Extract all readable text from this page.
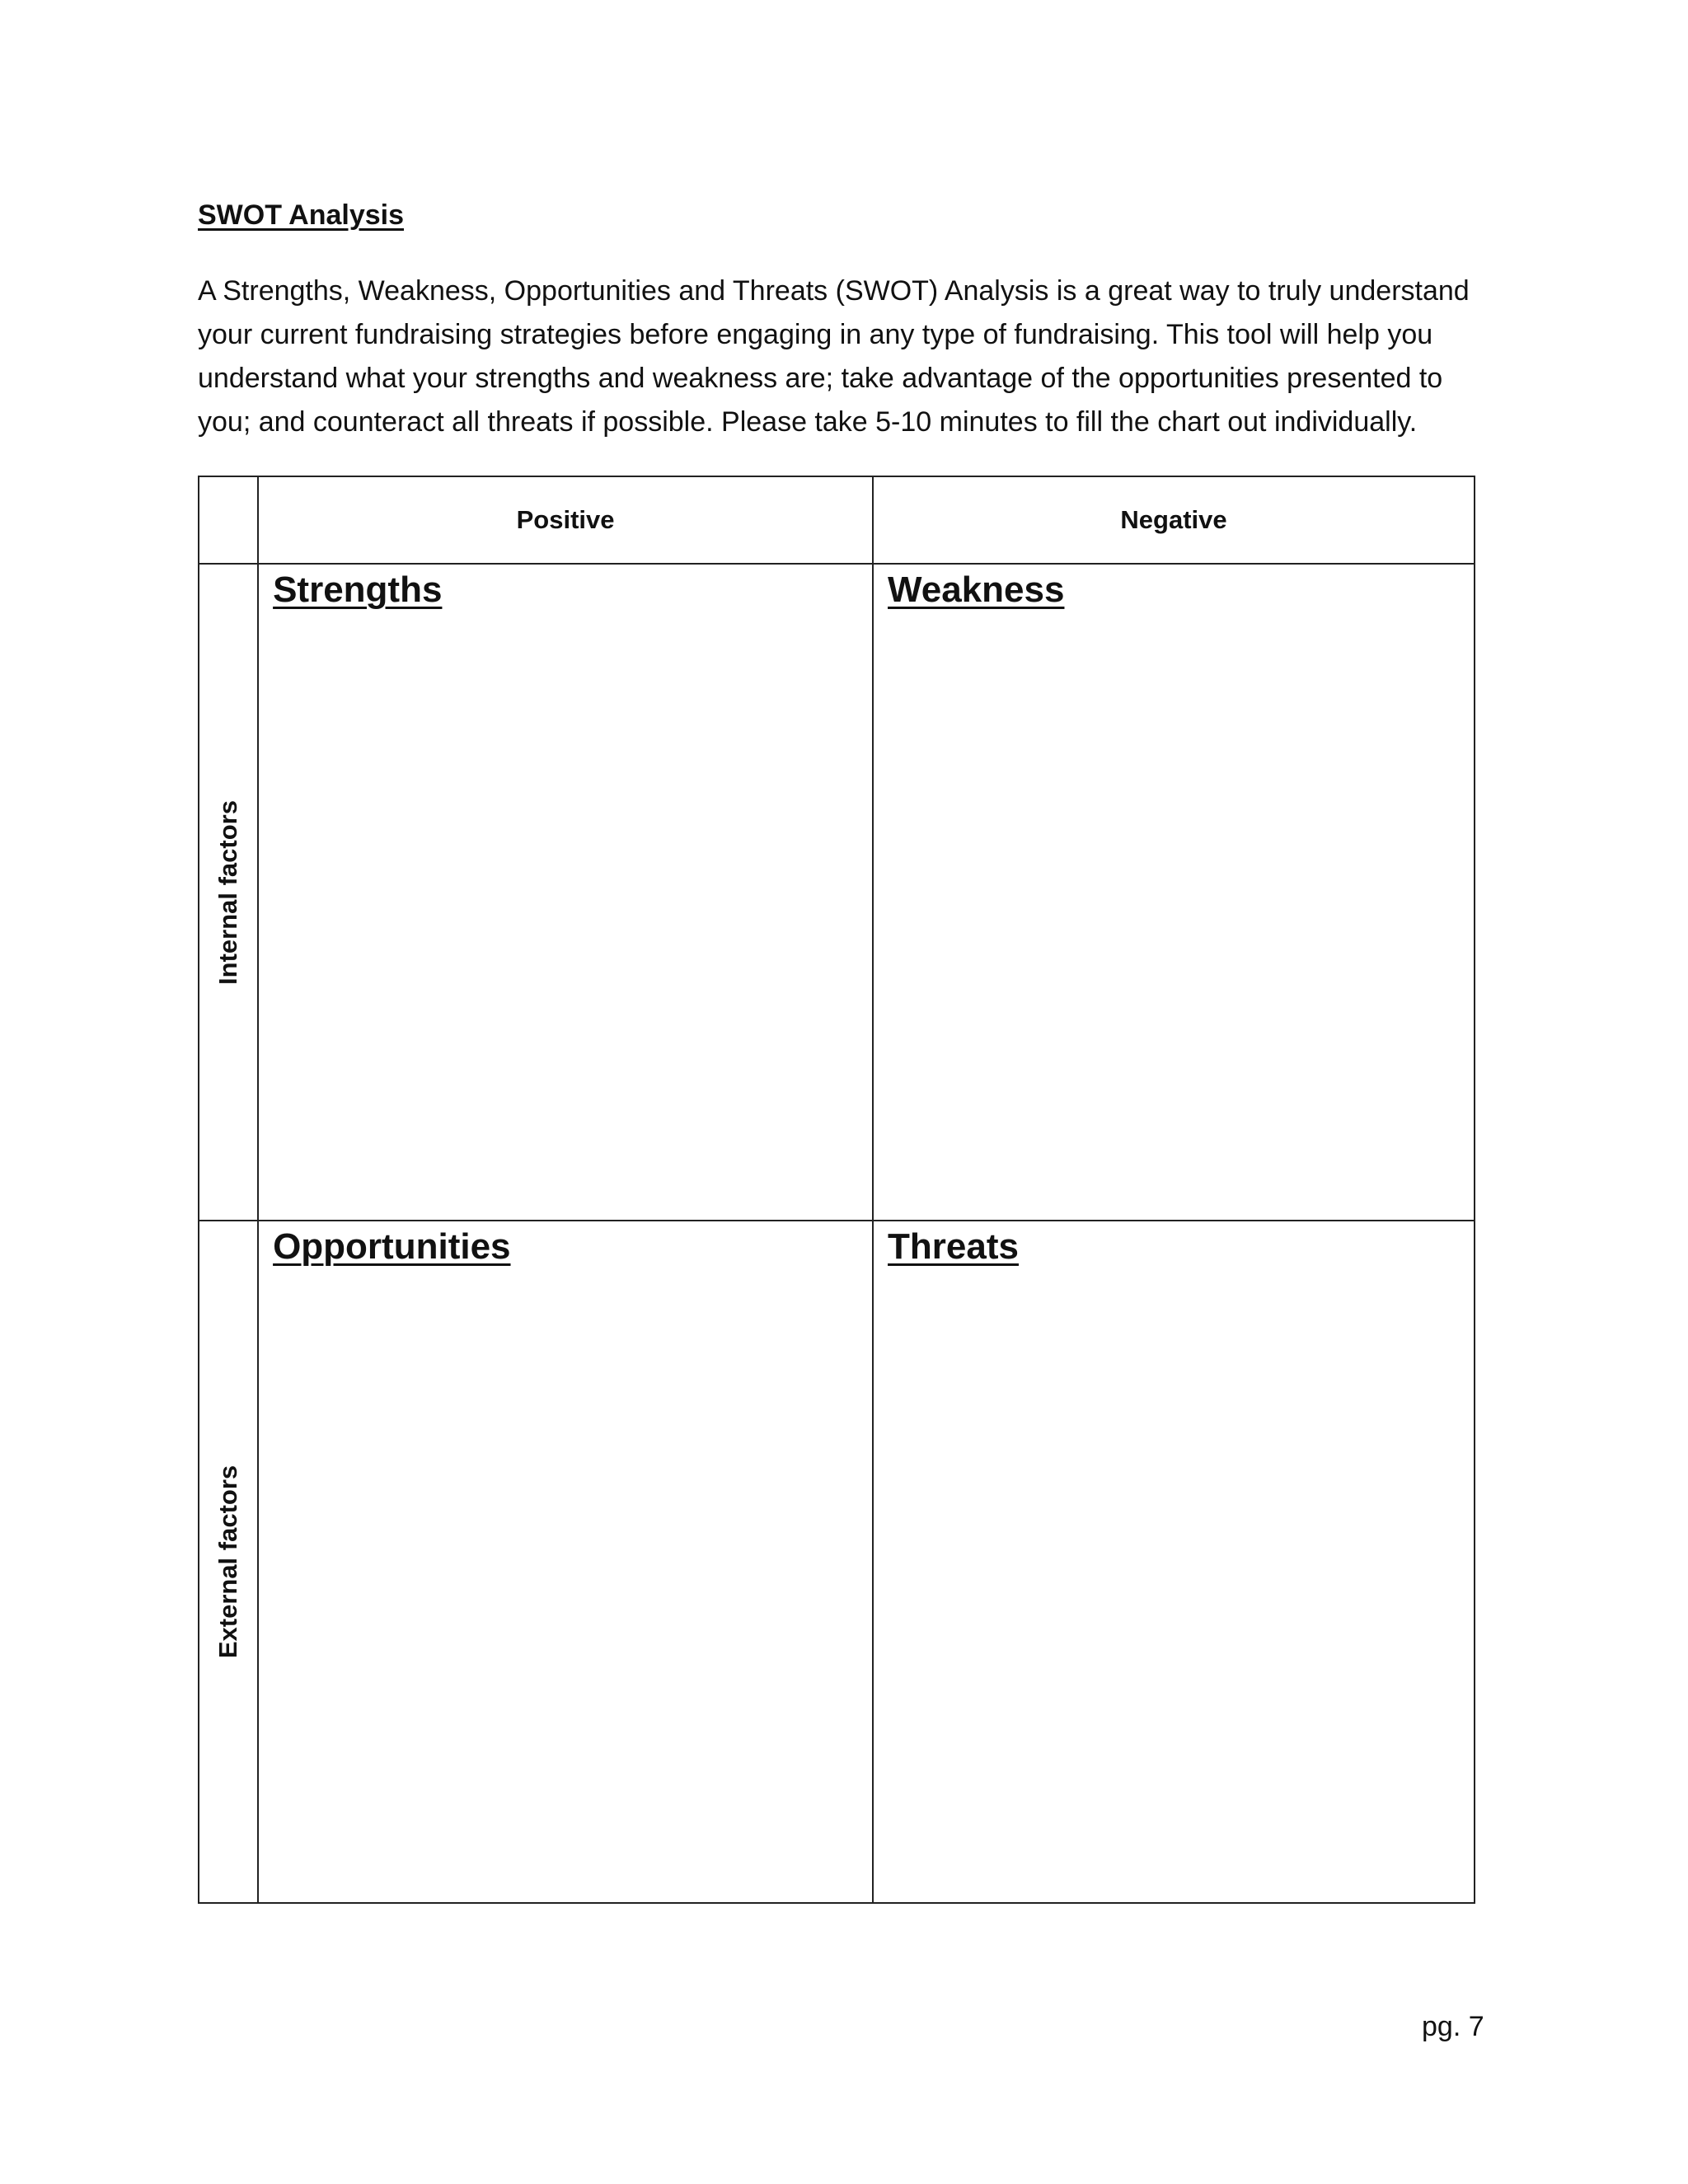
SWOT Analysis

A Strengths, Weakness, Opportunities and Threats (SWOT) Analysis is a great way to truly understand
your current fundraising strategies before engaging in any type of fundraising. This tool will help you
understand what your strengths and weakness are; take advantage of the opportunities presented to
you; and counteract all threats if possible. Please take 5-10 minutes to fill the chart out individually.

	Positive	Negative

Internal factors	Strengths	Weakness

External factors	Opportunities	Threats
pg. 7
